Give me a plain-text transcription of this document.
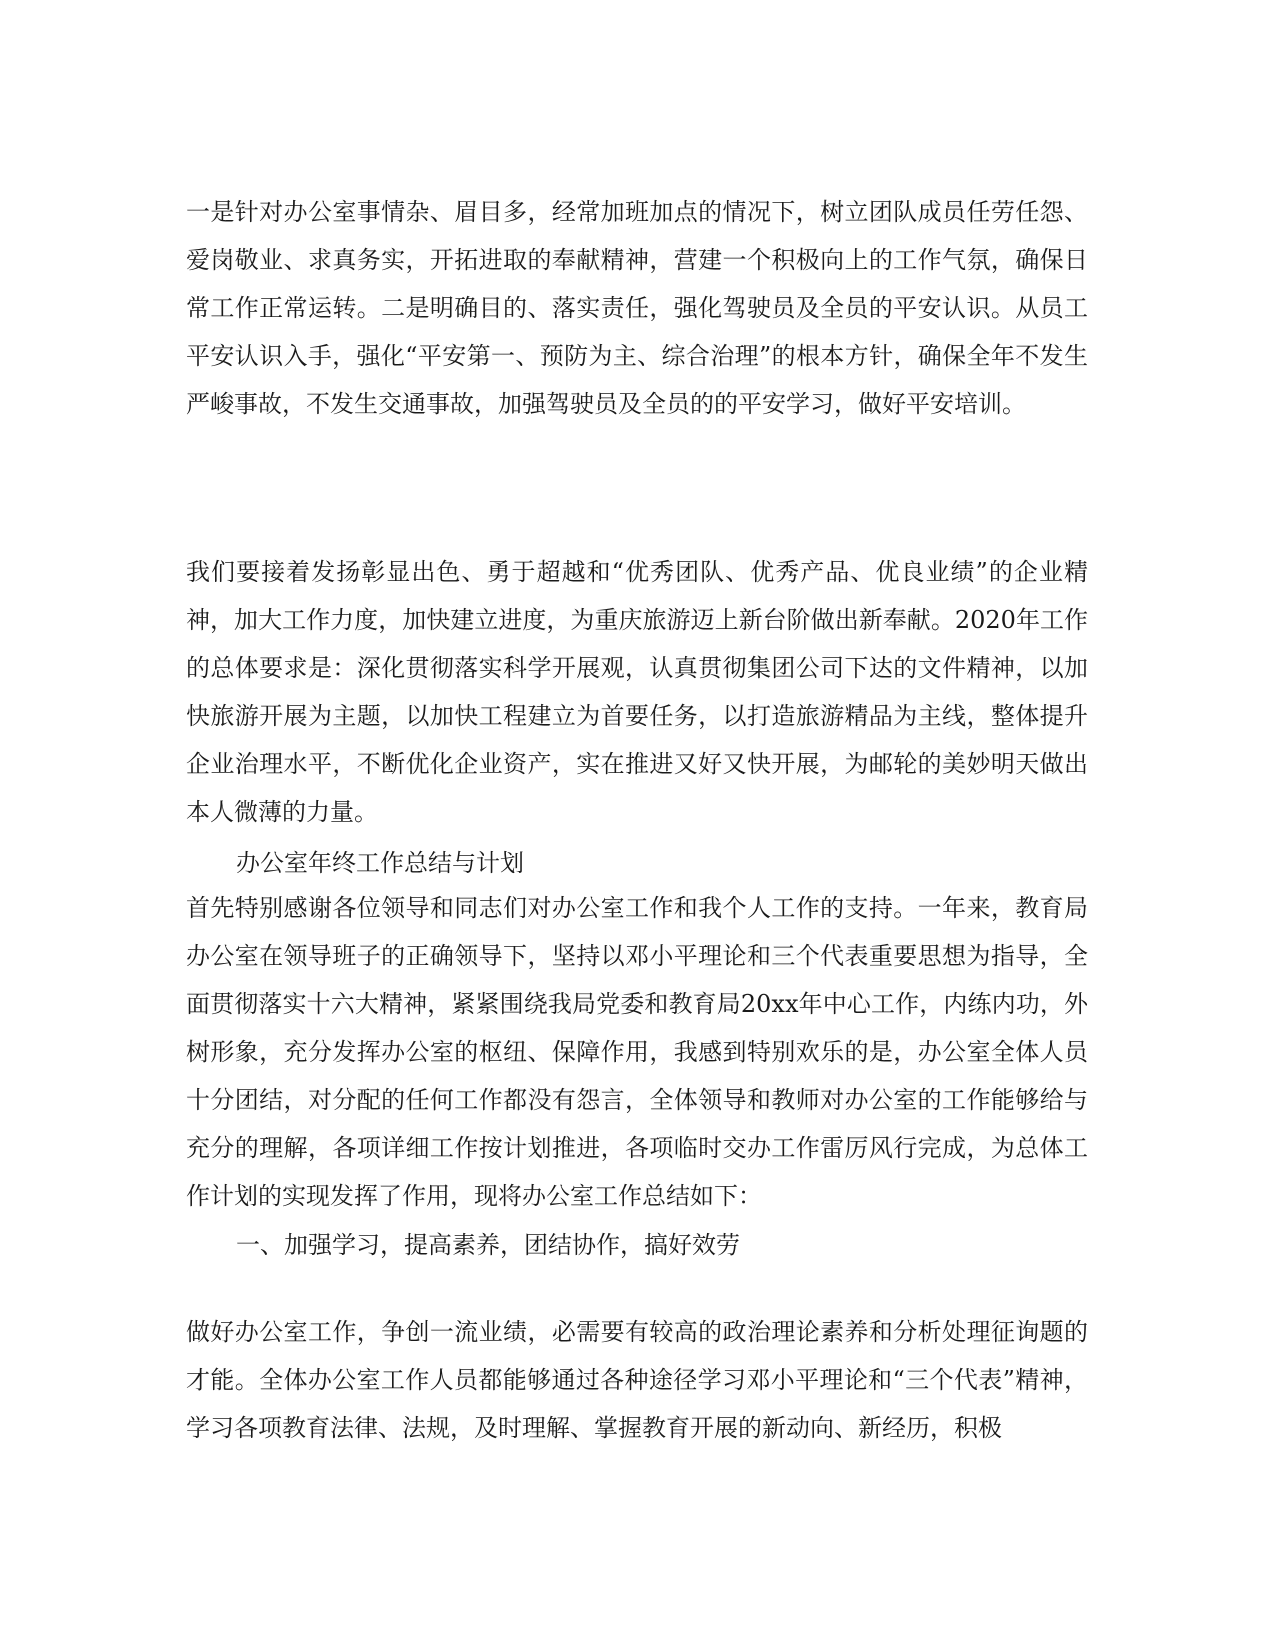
一是针对办公室事情杂、眉目多，经常加班加点的情况下，树立团队成员任劳任怨、爱岗敬业、求真务实，开拓进取的奉献精神，营建一个积极向上的工作气氛，确保日常工作正常运转。二是明确目的、落实责任，强化驾驶员及全员的平安认识。从员工平安认识入手，强化“平安第一、预防为主、综合治理”的根本方针，确保全年不发生严峻事故，不发生交通事故，加强驾驶员及全员的的平安学习，做好平安培训。

我们要接着发扬彰显出色、勇于超越和“优秀团队、优秀产品、优良业绩”的企业精神，加大工作力度，加快建立进度，为重庆旅游迈上新台阶做出新奉献。2020年工作的总体要求是：深化贯彻落实科学开展观，认真贯彻集团公司下达的文件精神，以加快旅游开展为主题，以加快工程建立为首要任务，以打造旅游精品为主线，整体提升企业治理水平，不断优化企业资产，实在推进又好又快开展，为邮轮的美妙明天做出本人微薄的力量。

办公室年终工作总结与计划

首先特别感谢各位领导和同志们对办公室工作和我个人工作的支持。一年来，教育局办公室在领导班子的正确领导下，坚持以邓小平理论和三个代表重要思想为指导，全面贯彻落实十六大精神，紧紧围绕我局党委和教育局20xx年中心工作，内练内功，外树形象，充分发挥办公室的枢纽、保障作用，我感到特别欢乐的是，办公室全体人员十分团结，对分配的任何工作都没有怨言，全体领导和教师对办公室的工作能够给与充分的理解，各项详细工作按计划推进，各项临时交办工作雷厉风行完成，为总体工作计划的实现发挥了作用，现将办公室工作总结如下：

一、加强学习，提高素养，团结协作，搞好效劳

做好办公室工作，争创一流业绩，必需要有较高的政治理论素养和分析处理征询题的才能。全体办公室工作人员都能够通过各种途径学习邓小平理论和“三个代表”精神，学习各项教育法律、法规，及时理解、掌握教育开展的新动向、新经历，积极
